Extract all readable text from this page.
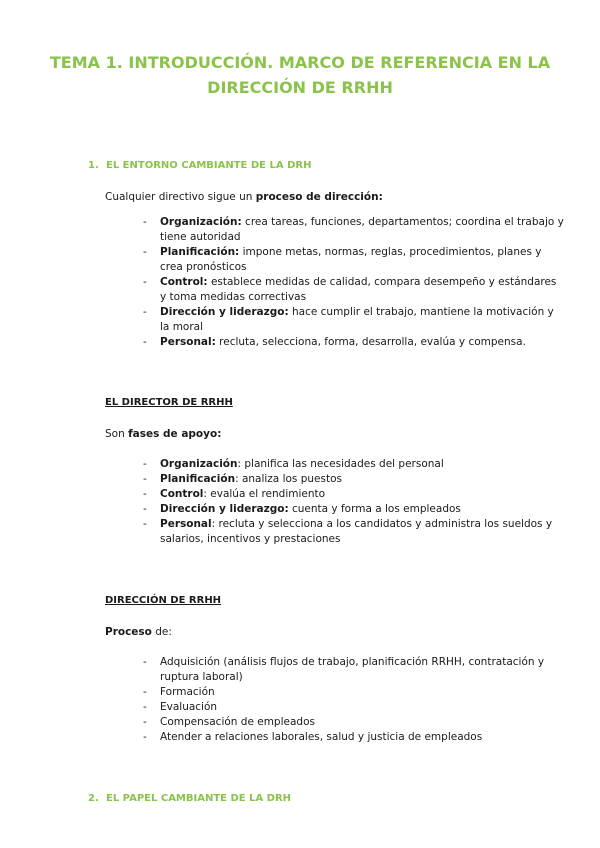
TEMA 1. INTRODUCCIÓN. MARCO DE REFERENCIA EN LA DIRECCIÓN DE RRHH
1. EL ENTORNO CAMBIANTE DE LA DRH
Cualquier directivo sigue un proceso de dirección:
- Organización: crea tareas, funciones, departamentos; coordina el trabajo y tiene autoridad
- Planificación: impone metas, normas, reglas, procedimientos, planes y crea pronósticos
- Control: establece medidas de calidad, compara desempeño y estándares y toma medidas correctivas
- Dirección y liderazgo: hace cumplir el trabajo, mantiene la motivación y la moral
- Personal: recluta, selecciona, forma, desarrolla, evalúa y compensa.
EL DIRECTOR DE RRHH
Son fases de apoyo:
- Organización: planifica las necesidades del personal
- Planificación: analiza los puestos
- Control: evalúa el rendimiento
- Dirección y liderazgo: cuenta y forma a los empleados
- Personal: recluta y selecciona a los candidatos y administra los sueldos y salarios, incentivos y prestaciones
DIRECCIÓN DE RRHH
Proceso de:
- Adquisición (análisis flujos de trabajo, planificación RRHH, contratación y ruptura laboral)
- Formación
- Evaluación
- Compensación de empleados
- Atender a relaciones laborales, salud y justicia de empleados
2. EL PAPEL CAMBIANTE DE LA DRH
